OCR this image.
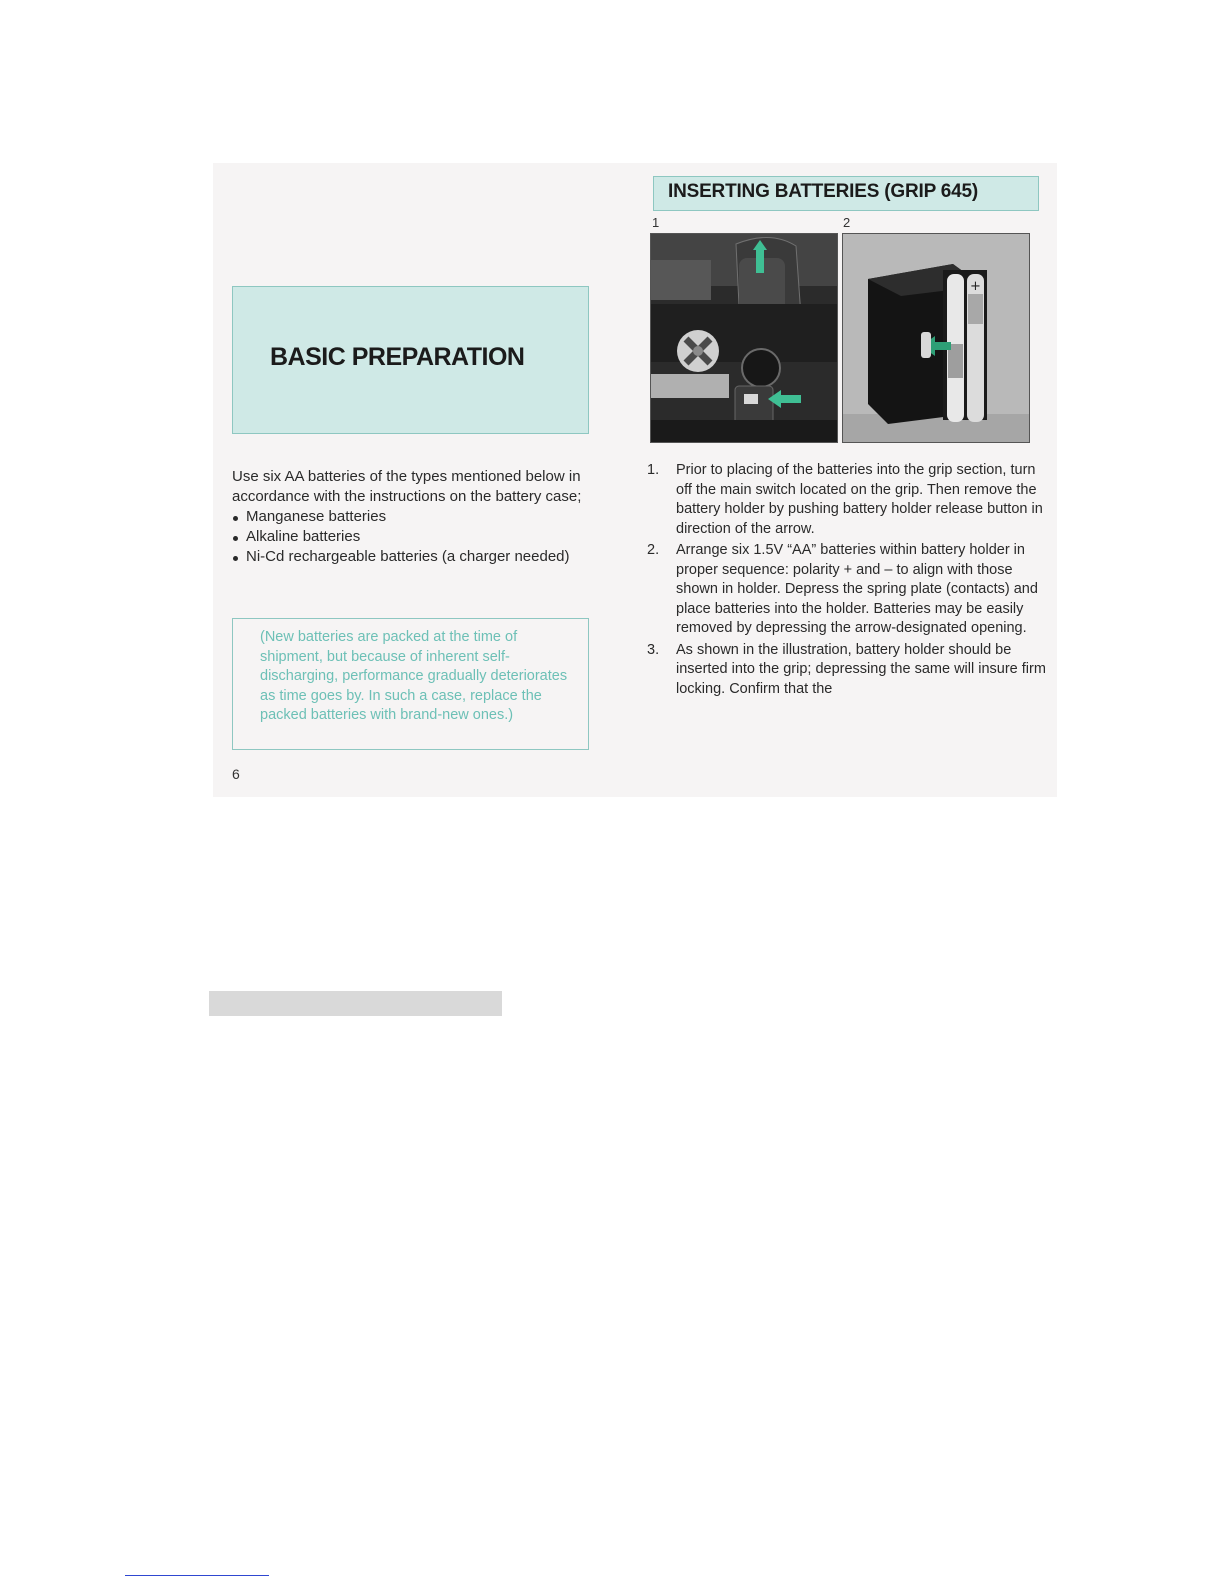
BASIC PREPARATION

Use six AA batteries of the types mentioned below in accordance with the instructions on the battery case;

Manganese batteries
Alkaline batteries
Ni-Cd rechargeable batteries (a charger needed)
(New batteries are packed at the time of shipment, but because of inherent self-discharging, performance gradually deteriorates as time goes by. In such a case, replace the packed batteries with brand-new ones.)
6
INSERTING BATTERIES (GRIP 645)
1	2
+
1. Prior to placing of the batteries into the grip section, turn off the main switch located on the grip. Then remove the battery holder by pushing battery holder release button in direction of the arrow.
2. Arrange six 1.5V “AA” batteries within battery holder in proper sequence: polarity + and – to align with those shown in holder. Depress the spring plate (contacts) and place batteries into the holder. Batteries may be easily removed by depressing the arrow-designated opening.
3. As shown in the illustration, battery holder should be inserted into the grip; depressing the same will insure firm locking. Confirm that the
